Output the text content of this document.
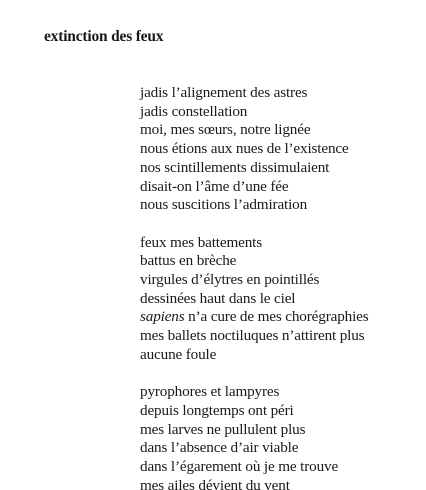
extinction des feux
jadis l’alignement des astres
jadis constellation
moi, mes sœurs, notre lignée
nous étions aux nues de l’existence
nos scintillements dissimulaient
disait-on l’âme d’une fée
nous suscitions l’admiration
feux mes battements
battus en brèche
virgules d’élytres en pointillés
dessinées haut dans le ciel
sapiens n’a cure de mes chorégraphies
mes ballets noctiluques n’attirent plus
aucune foule
pyrophores et lampyres
depuis longtemps ont péri
mes larves ne pullulent plus
dans l’absence d’air viable
dans l’égarement où je me trouve
mes ailes dévient du vent
